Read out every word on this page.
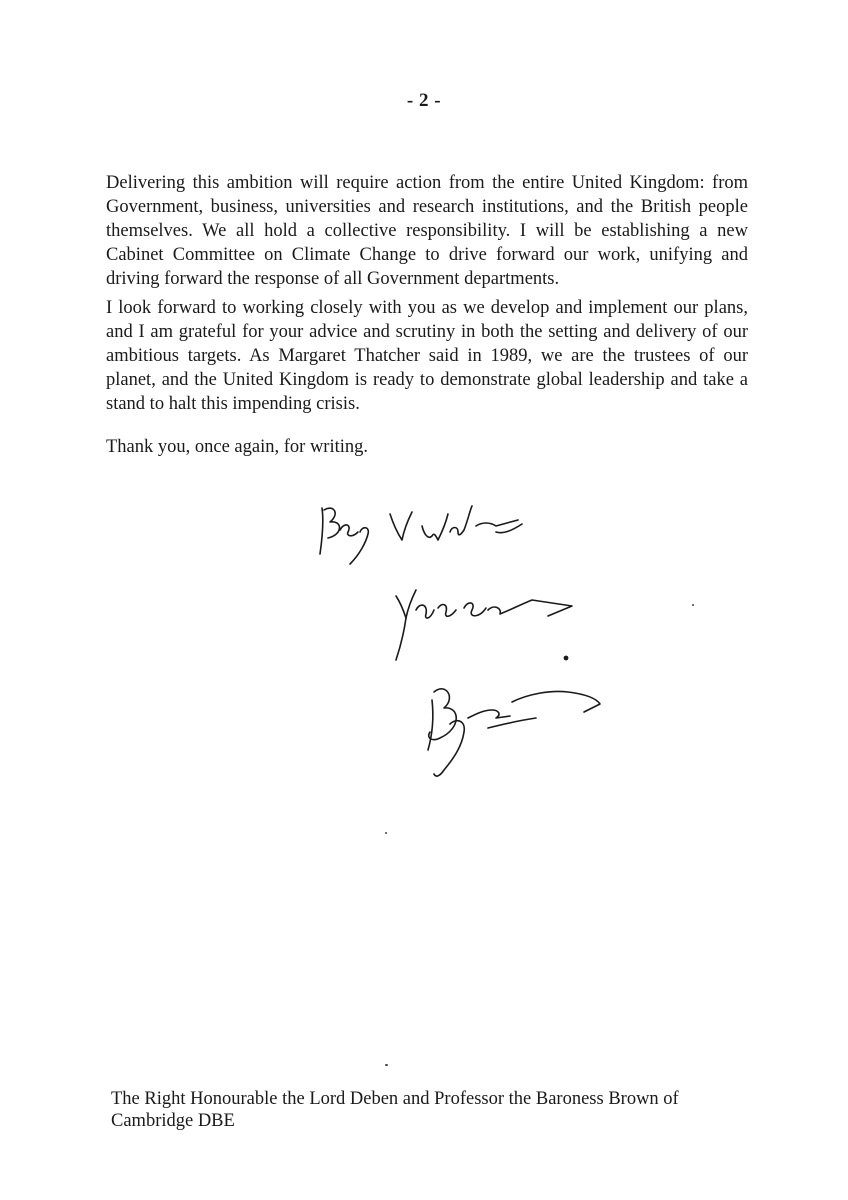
- 2 -
Delivering this ambition will require action from the entire United Kingdom: from Government, business, universities and research institutions, and the British people themselves. We all hold a collective responsibility. I will be establishing a new Cabinet Committee on Climate Change to drive forward our work, unifying and driving forward the response of all Government departments.
I look forward to working closely with you as we develop and implement our plans, and I am grateful for your advice and scrutiny in both the setting and delivery of our ambitious targets. As Margaret Thatcher said in 1989, we are the trustees of our planet, and the United Kingdom is ready to demonstrate global leadership and take a stand to halt this impending crisis.
Thank you, once again, for writing.
The Right Honourable the Lord Deben and Professor the Baroness Brown of Cambridge DBE
